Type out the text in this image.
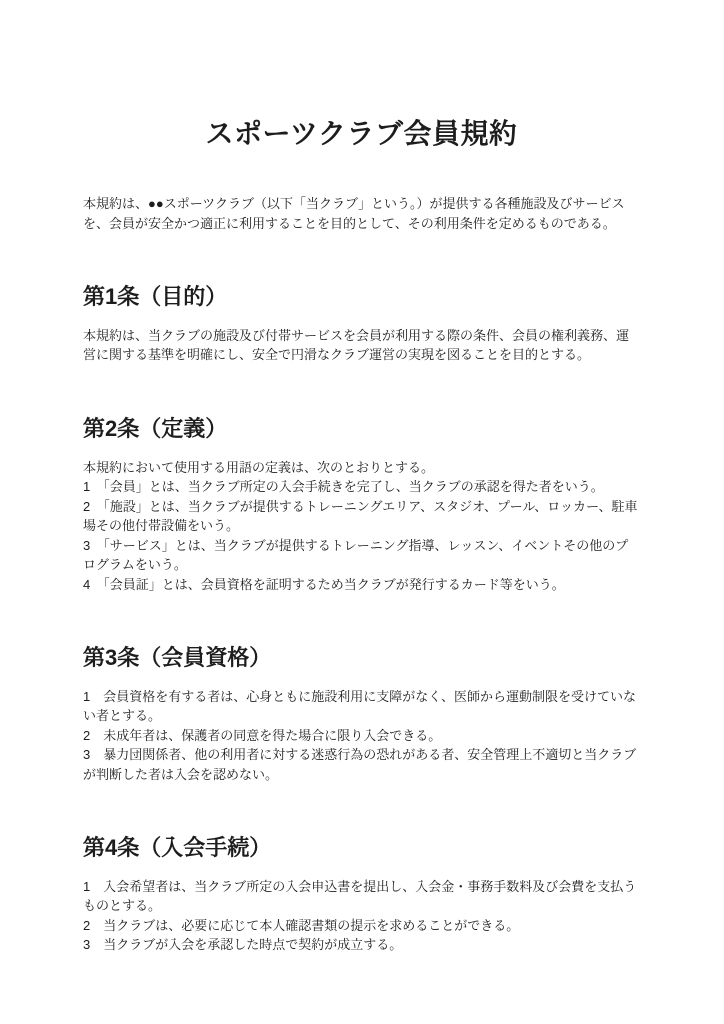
スポーツクラブ会員規約

本規約は、●●スポーツクラブ（以下「当クラブ」という。）が提供する各種施設及びサービスを、会員が安全かつ適正に利用することを目的として、その利用条件を定めるものである。

第1条（目的）

本規約は、当クラブの施設及び付帯サービスを会員が利用する際の条件、会員の権利義務、運営に関する基準を明確にし、安全で円滑なクラブ運営の実現を図ることを目的とする。

第2条（定義）

本規約において使用する用語の定義は、次のとおりとする。

1　「会員」とは、当クラブ所定の入会手続きを完了し、当クラブの承認を得た者をいう。

2　「施設」とは、当クラブが提供するトレーニングエリア、スタジオ、プール、ロッカー、駐車場その他付帯設備をいう。

3　「サービス」とは、当クラブが提供するトレーニング指導、レッスン、イベントその他のプログラムをいう。

4　「会員証」とは、会員資格を証明するため当クラブが発行するカード等をいう。

第3条（会員資格）

1　会員資格を有する者は、心身ともに施設利用に支障がなく、医師から運動制限を受けていない者とする。

2　未成年者は、保護者の同意を得た場合に限り入会できる。

3　暴力団関係者、他の利用者に対する迷惑行為の恐れがある者、安全管理上不適切と当クラブが判断した者は入会を認めない。

第4条（入会手続）

1　入会希望者は、当クラブ所定の入会申込書を提出し、入会金・事務手数料及び会費を支払うものとする。

2　当クラブは、必要に応じて本人確認書類の提示を求めることができる。

3　当クラブが入会を承認した時点で契約が成立する。
